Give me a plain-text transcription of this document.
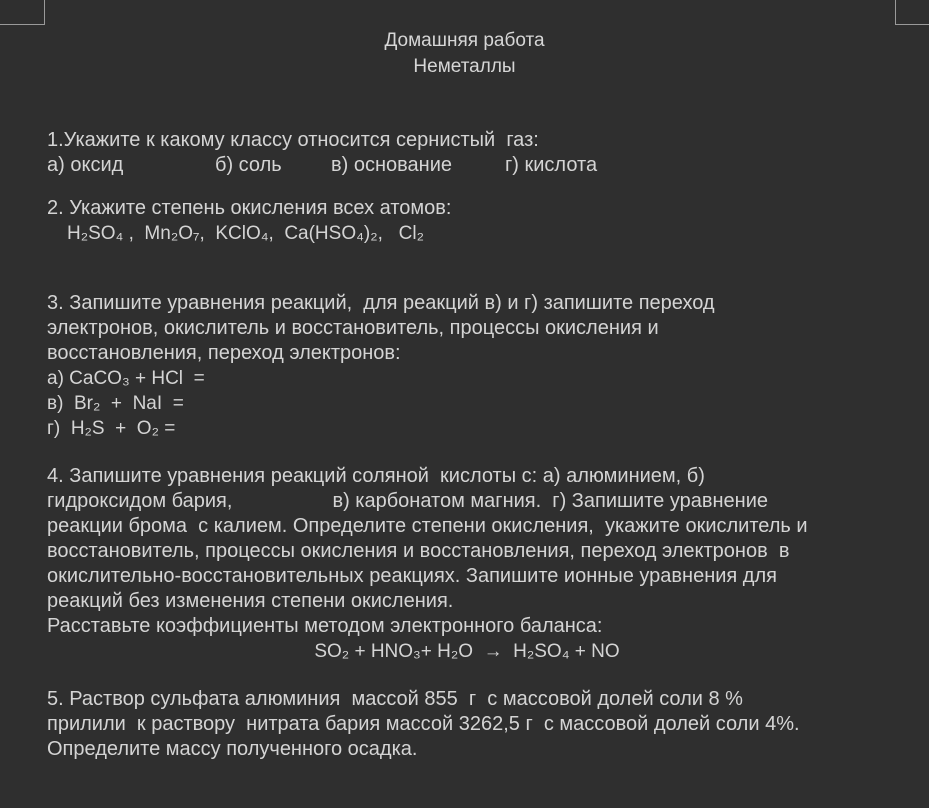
Домашняя работа
Неметаллы

1.Укажите к какому классу относится сернистый  газ:

а) оксид	б) соль в) основание	г) кислота

2. Укажите степень окисления всех атомов:

H₂SO₄ ,  Mn₂O₇,  KClO₄,  Ca(HSO₄)₂,   Cl₂

3. Запишите уравнения реакций,  для реакций в) и г) запишите переход

электронов, окислитель и восстановитель, процессы окисления и

восстановления, переход электронов:

а) CaCO₃ + HCl  =

в)  Br₂  +  NaI  =

г)  H₂S  +  O₂ =

4. Запишите уравнения реакций соляной  кислоты с: а) алюминием, б)

гидроксидом бария,                  в) карбонатом магния.  г) Запишите уравнение

реакции брома  с калием. Определите степени окисления,  укажите окислитель и

восстановитель, процессы окисления и восстановления, переход электронов  в

окислительно-восстановительных реакциях. Запишите ионные уравнения для

реакций без изменения степени окисления.

Расставьте коэффициенты методом электронного баланса:

SO₂ + HNO₃+ H₂O  →  H₂SO₄ + NO

5. Раствор сульфата алюминия  массой 855  г  с массовой долей соли 8 %

прилили  к раствору  нитрата бария массой 3262,5 г  с массовой долей соли 4%.

Определите массу полученного осадка.
